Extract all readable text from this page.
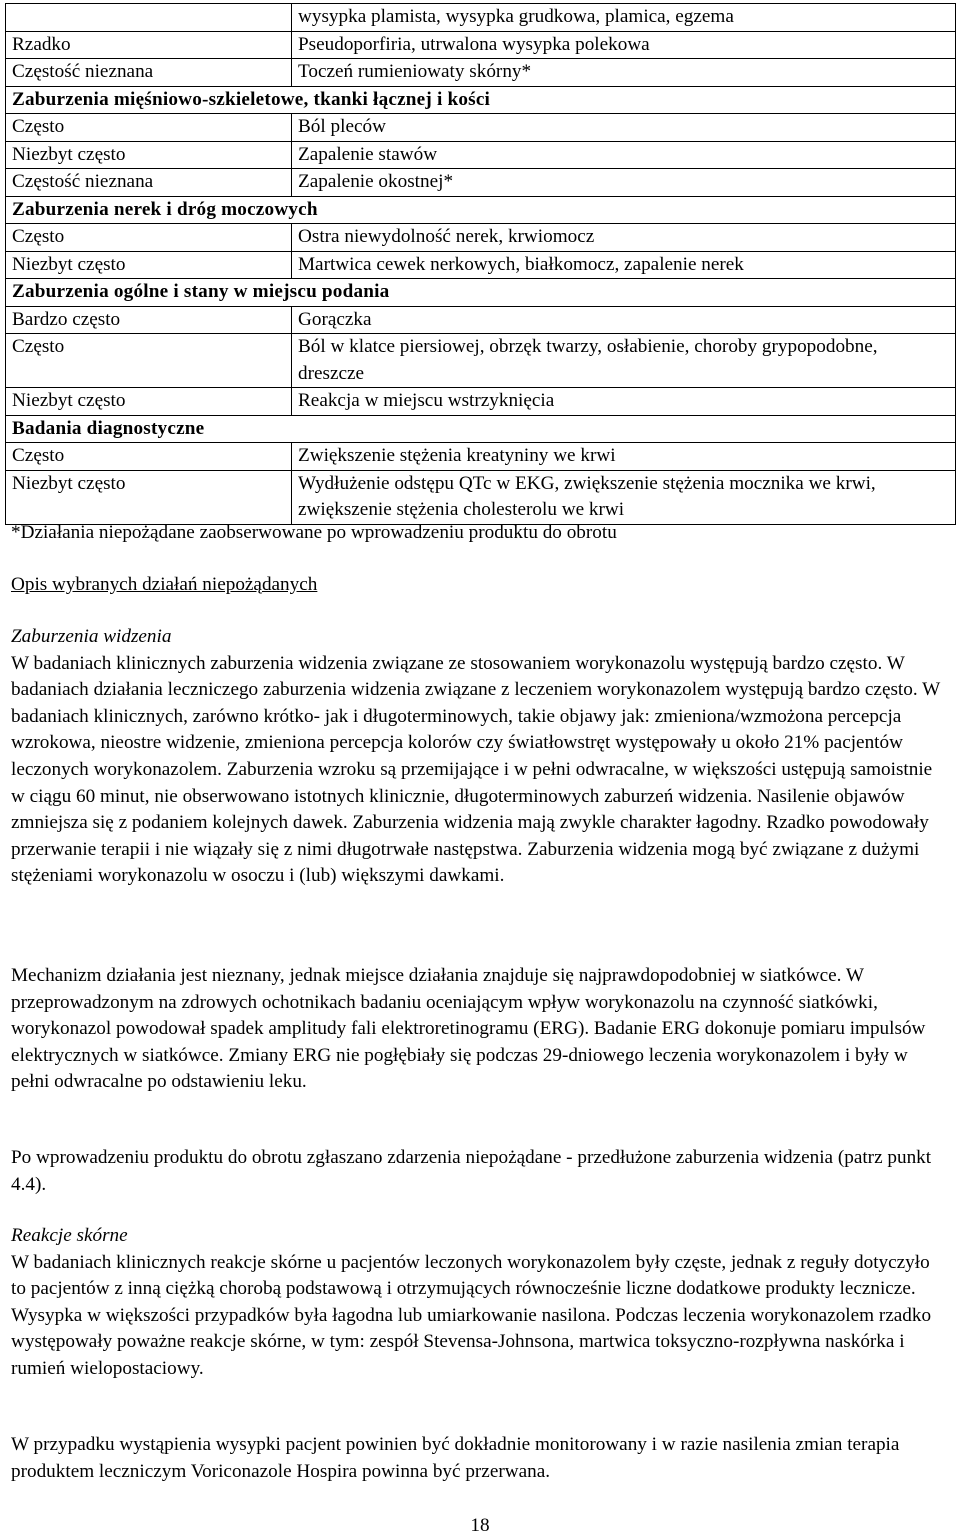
	wysypka plamista, wysypka grudkowa, plamica, egzema
Rzadko	Pseudoporfiria, utrwalona wysypka polekowa
Częstość nieznana	Toczeń rumieniowaty skórny*
Zaburzenia mięśniowo-szkieletowe, tkanki łącznej i kości	
Często	Ból pleców
Niezbyt często	Zapalenie stawów
Częstość nieznana	Zapalenie okostnej*
Zaburzenia nerek i dróg moczowych	
Często	Ostra niewydolność nerek, krwiomocz
Niezbyt często	Martwica cewek nerkowych, białkomocz, zapalenie nerek
Zaburzenia ogólne i stany w miejscu podania	
Bardzo często	Gorączka
Często	Ból w klatce piersiowej, obrzęk twarzy, osłabienie, choroby grypopodobne, dreszcze
Niezbyt często	Reakcja w miejscu wstrzyknięcia
Badania diagnostyczne	
Często	Zwiększenie stężenia kreatyniny we krwi
Niezbyt często	Wydłużenie odstępu QTc w EKG, zwiększenie stężenia mocznika we krwi, zwiększenie stężenia cholesterolu we krwi
*Działania niepożądane zaobserwowane po wprowadzeniu produktu do obrotu
Opis wybranych działań niepożądanych

Zaburzenia widzenia

W badaniach klinicznych zaburzenia widzenia związane ze stosowaniem worykonazolu występują bardzo często. W badaniach działania leczniczego zaburzenia widzenia związane z leczeniem worykonazolem występują bardzo często. W badaniach klinicznych, zarówno krótko- jak i długoterminowych, takie objawy jak: zmieniona/wzmożona percepcja wzrokowa, nieostre widzenie, zmieniona percepcja kolorów czy światłowstręt występowały u około 21% pacjentów leczonych worykonazolem. Zaburzenia wzroku są przemijające i w pełni odwracalne, w większości ustępują samoistnie w ciągu 60 minut, nie obserwowano istotnych klinicznie, długoterminowych zaburzeń widzenia. Nasilenie objawów zmniejsza się z podaniem kolejnych dawek. Zaburzenia widzenia mają zwykle charakter łagodny. Rzadko powodowały przerwanie terapii i nie wiązały się z nimi długotrwałe następstwa. Zaburzenia widzenia mogą być związane z dużymi stężeniami worykonazolu w osoczu i (lub) większymi dawkami.

Mechanizm działania jest nieznany, jednak miejsce działania znajduje się najprawdopodobniej w siatkówce. W przeprowadzonym na zdrowych ochotnikach badaniu oceniającym wpływ worykonazolu na czynność siatkówki, worykonazol powodował spadek amplitudy fali elektroretinogramu (ERG). Badanie ERG dokonuje pomiaru impulsów elektrycznych w siatkówce. Zmiany ERG nie pogłębiały się podczas 29-dniowego leczenia worykonazolem i były w pełni odwracalne po odstawieniu leku.

Po wprowadzeniu produktu do obrotu zgłaszano zdarzenia niepożądane - przedłużone zaburzenia widzenia (patrz punkt 4.4).

Reakcje skórne

W badaniach klinicznych reakcje skórne u pacjentów leczonych worykonazolem były częste, jednak z reguły dotyczyło to pacjentów z inną ciężką chorobą podstawową i otrzymujących równocześnie liczne dodatkowe produkty lecznicze. Wysypka w większości przypadków była łagodna lub umiarkowanie nasilona. Podczas leczenia worykonazolem rzadko występowały poważne reakcje skórne, w tym: zespół Stevensa-Johnsona, martwica toksyczno-rozpływna naskórka i rumień wielopostaciowy.

W przypadku wystąpienia wysypki pacjent powinien być dokładnie monitorowany i w razie nasilenia zmian terapia produktem leczniczym Voriconazole Hospira powinna być przerwana.

18
